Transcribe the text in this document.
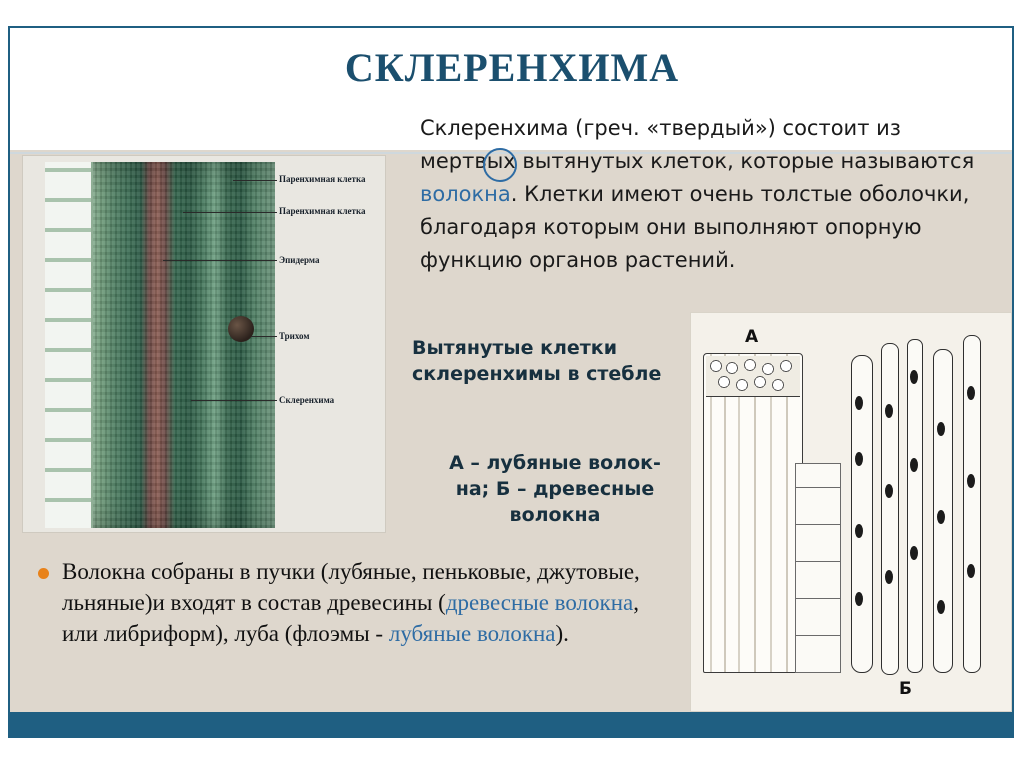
СКЛЕРЕНХИМА
Склеренхима (греч. «твердый») состоит из мертвых вытянутых клеток, которые называются волокна. Клетки имеют очень толстые оболочки, благодаря которым они выполняют опорную функцию органов растений.
Паренхимная клетка
Паренхимная клетка
Эпидерма
Трихом
Склеренхима
Вытянутые клетки склеренхимы в стебле
А – лубяные волок-на; Б – древесные волокна
Волокна собраны в пучки (лубяные, пеньковые, джутовые, льняные)и входят в состав древесины (древесные волокна, или либриформ), луба (флоэмы - лубяные волокна).
А
Б
